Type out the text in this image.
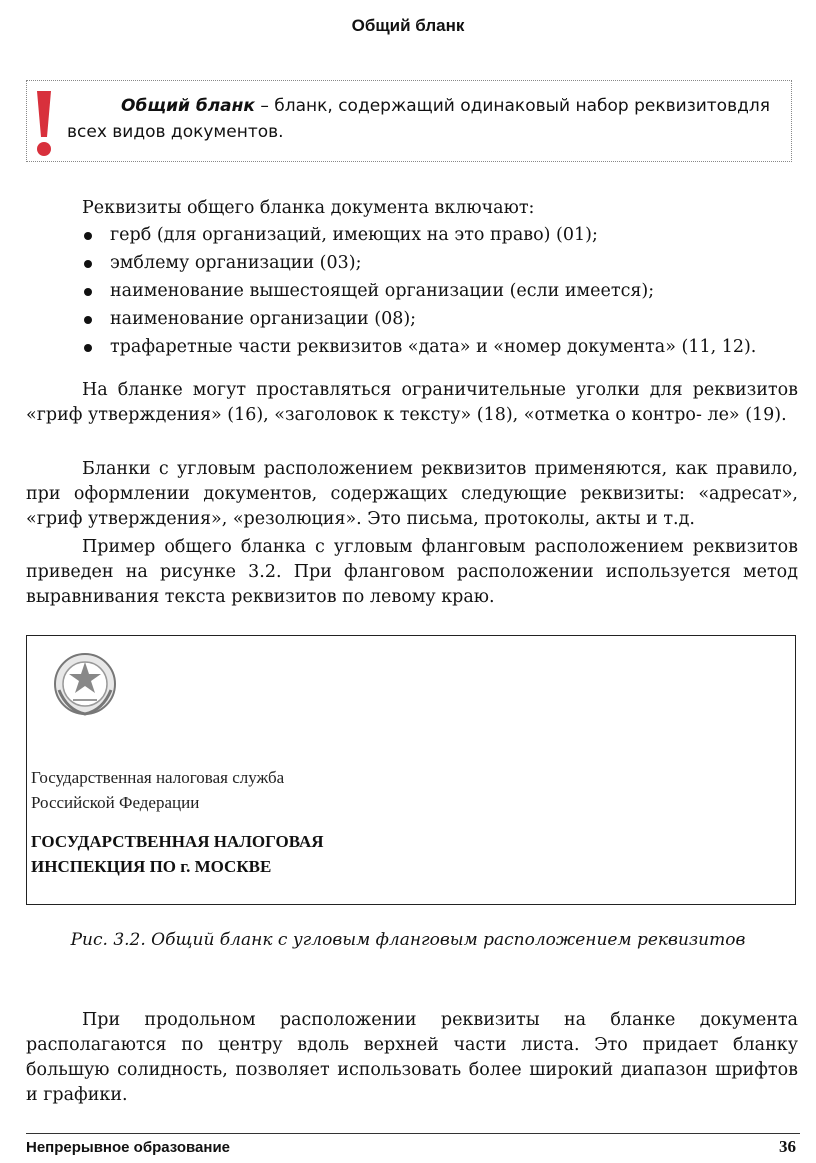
Общий бланк
Общий бланк – бланк, содержащий одинаковый набор реквизитовдля всех видов документов.
Реквизиты общего бланка документа включают:
герб (для организаций, имеющих на это право) (01);
эмблему организации (03);
наименование вышестоящей организации (если имеется);
наименование организации (08);
трафаретные части реквизитов «дата» и «номер документа» (11, 12).

На бланке могут проставляться ограничительные уголки для реквизитов «гриф утверждения» (16), «заголовок к тексту» (18), «отметка о контро- ле» (19).

Бланки с угловым расположением реквизитов применяются, как правило, при оформлении документов, содержащих следующие реквизиты: «адресат», «гриф утверждения», «резолюция». Это письма, протоколы, акты и т.д.

Пример общего бланка с угловым фланговым расположением реквизитов приведен на рисунке 3.2. При фланговом расположении используется метод выравнивания текста реквизитов по левому краю.

Государственная налоговая служба
Российской Федерации
ГОСУДАРСТВЕННАЯ НАЛОГОВАЯ
ИНСПЕКЦИЯ ПО г. МОСКВЕ
Рис. 3.2. Общий бланк с угловым фланговым расположением реквизитов

При продольном расположении реквизиты на бланке документа располагаются по центру вдоль верхней части листа. Это придает бланку большую солидность, позволяет использовать более широкий диапазон шрифтов и графики.

Непрерывное образование	36
